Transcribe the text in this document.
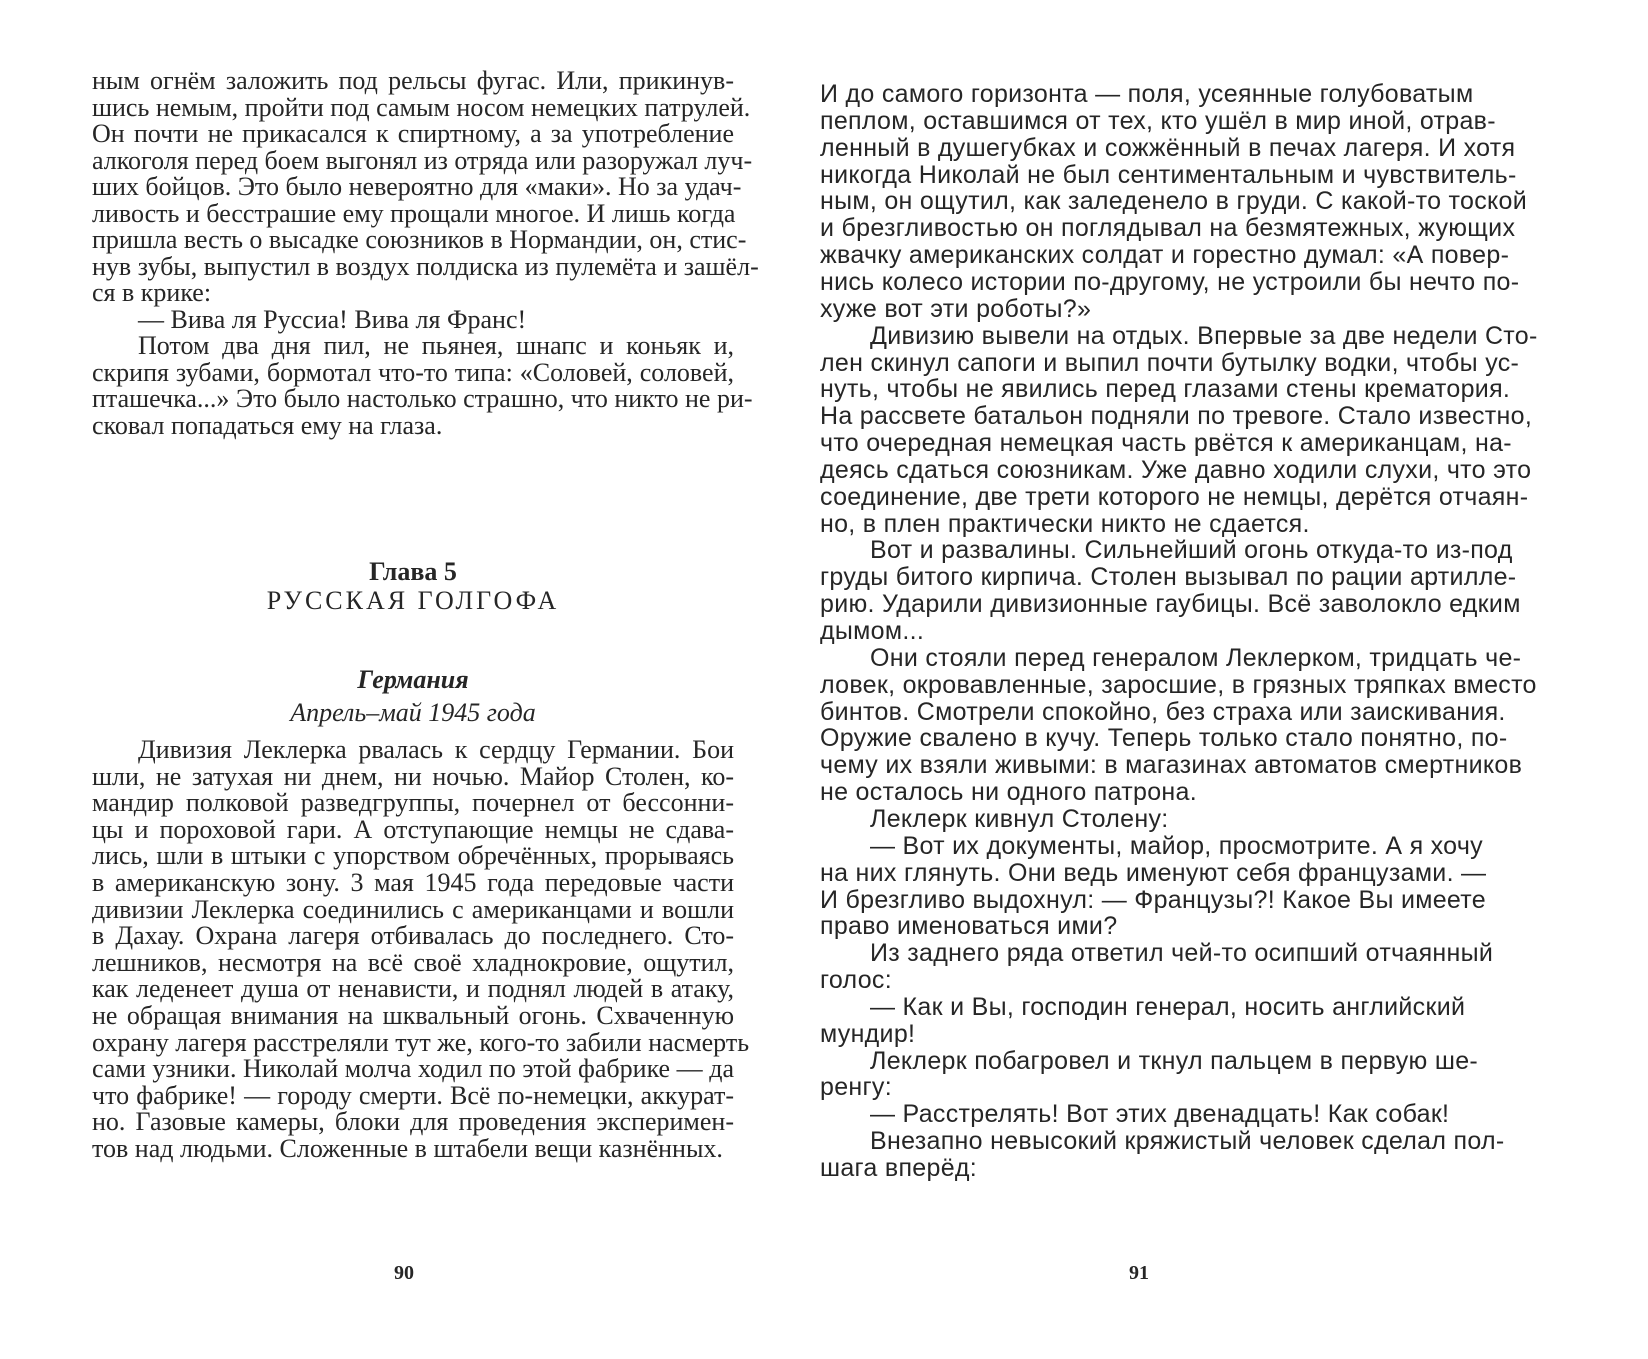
ным огнём заложить под рельсы фугас. Или, прикинув-
шись немым, пройти под самым носом немецких патрулей.
Он почти не прикасался к спиртному, а за употребление
алкоголя перед боем выгонял из отряда или разоружал луч-
ших бойцов. Это было невероятно для «маки». Но за удач-
ливость и бесстрашие ему прощали многое. И лишь когда
пришла весть о высадке союзников в Нормандии, он, стис-
нув зубы, выпустил в воздух полдиска из пулемёта и зашёл-
ся в крике:
— Вива ля Руссиа! Вива ля Франс!
Потом два дня пил, не пьянея, шнапс и коньяк и,
скрипя зубами, бормотал что-то типа: «Соловей, соловей,
пташечка...» Это было настолько страшно, что никто не ри-
сковал попадаться ему на глаза.
Глава 5
РУССКАЯ ГОЛГОФА
Германия
Апрель–май 1945 года
Дивизия Леклерка рвалась к сердцу Германии. Бои
шли, не затухая ни днем, ни ночью. Майор Столен, ко-
мандир полковой разведгруппы, почернел от бессонни-
цы и пороховой гари. А отступающие немцы не сдава-
лись, шли в штыки с упорством обречённых, прорываясь
в американскую зону. 3 мая 1945 года передовые части
дивизии Леклерка соединились с американцами и вошли
в Дахау. Охрана лагеря отбивалась до последнего. Сто-
лешников, несмотря на всё своё хладнокровие, ощутил,
как леденеет душа от ненависти, и поднял людей в атаку,
не обращая внимания на шквальный огонь. Схваченную
охрану лагеря расстреляли тут же, кого-то забили насмерть
сами узники. Николай молча ходил по этой фабрике — да
что фабрике! — городу смерти. Всё по-немецки, аккурат-
но. Газовые камеры, блоки для проведения эксперимен-
тов над людьми. Сложенные в штабели вещи казнённых.
90
И до самого горизонта — поля, усеянные голубоватым
пеплом, оставшимся от тех, кто ушёл в мир иной, отрав-
ленный в душегубках и сожжённый в печах лагеря. И хотя
никогда Николай не был сентиментальным и чувствитель-
ным, он ощутил, как заледенело в груди. С какой-то тоской
и брезгливостью он поглядывал на безмятежных, жующих
жвачку американских солдат и горестно думал: «А повер-
нись колесо истории по-другому, не устроили бы нечто по-
хуже вот эти роботы?»
Дивизию вывели на отдых. Впервые за две недели Сто-
лен скинул сапоги и выпил почти бутылку водки, чтобы ус-
нуть, чтобы не явились перед глазами стены крематория.
На рассвете батальон подняли по тревоге. Стало известно,
что очередная немецкая часть рвётся к американцам, на-
деясь сдаться союзникам. Уже давно ходили слухи, что это
соединение, две трети которого не немцы, дерётся отчаян-
но, в плен практически никто не сдается.
Вот и развалины. Сильнейший огонь откуда-то из-под
груды битого кирпича. Столен вызывал по рации артилле-
рию. Ударили дивизионные гаубицы. Всё заволокло едким
дымом...
Они стояли перед генералом Леклерком, тридцать че-
ловек, окровавленные, заросшие, в грязных тряпках вместо
бинтов. Смотрели спокойно, без страха или заискивания.
Оружие свалено в кучу. Теперь только стало понятно, по-
чему их взяли живыми: в магазинах автоматов смертников
не осталось ни одного патрона.
Леклерк кивнул Столену:
— Вот их документы, майор, просмотрите. А я хочу
на них глянуть. Они ведь именуют себя французами. —
И брезгливо выдохнул: — Французы?! Какое Вы имеете
право именоваться ими?
Из заднего ряда ответил чей-то осипший отчаянный
голос:
— Как и Вы, господин генерал, носить английский
мундир!
Леклерк побагровел и ткнул пальцем в первую ше-
ренгу:
— Расстрелять! Вот этих двенадцать! Как собак!
Внезапно невысокий кряжистый человек сделал пол-
шага вперёд:
91
